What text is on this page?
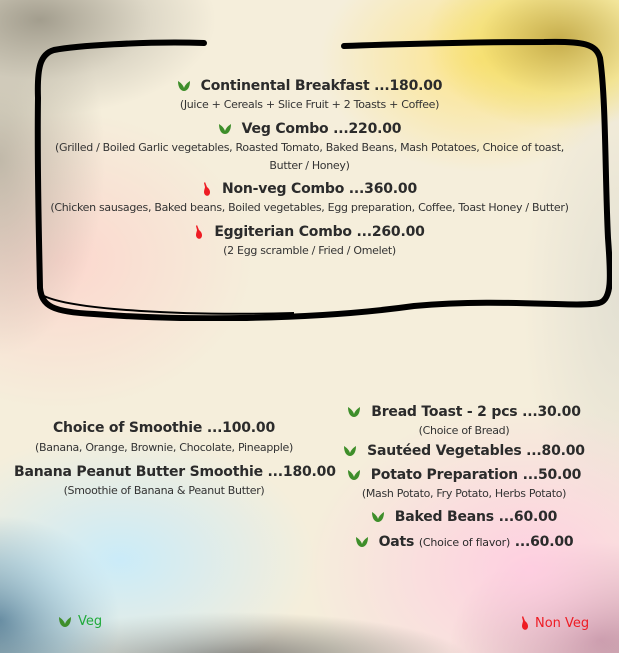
Continental Breakfast ...180.00
(Juice + Cereals + Slice Fruit + 2 Toasts + Coffee)
Veg Combo ...220.00
(Grilled / Boiled Garlic vegetables, Roasted Tomato, Baked Beans, Mash Potatoes, Choice of toast,
Butter / Honey)
Non-veg Combo ...360.00
(Chicken sausages, Baked beans, Boiled vegetables, Egg preparation, Coffee, Toast Honey / Butter)
Eggiterian Combo ...260.00
(2 Egg scramble / Fried / Omelet)
Choice of Smoothie ...100.00
(Banana, Orange, Brownie, Chocolate, Pineapple)
Banana Peanut Butter Smoothie ...180.00
(Smoothie of Banana & Peanut Butter)
Bread Toast - 2 pcs ...30.00
(Choice of Bread)
Sautéed Vegetables ...80.00
Potato Preparation ...50.00
(Mash Potato, Fry Potato, Herbs Potato)
Baked Beans ...60.00
Oats (Choice of flavor) ...60.00
Veg	Non Veg
